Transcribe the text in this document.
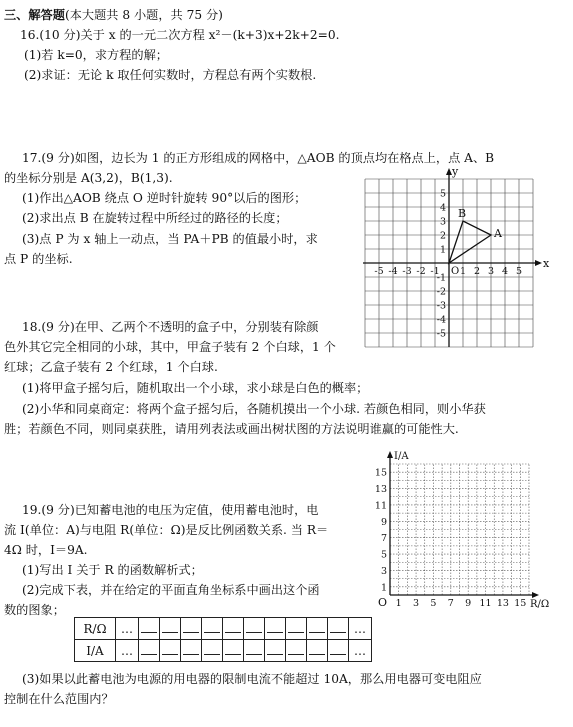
三、解答题(本大题共 8 小题，共 75 分)
16.(10 分)关于 x 的一元二次方程 x²－(k+3)x+2k+2=0.
(1)若 k=0，求方程的解；
(2)求证：无论 k 取任何实数时，方程总有两个实数根.
17.(9 分)如图，边长为 1 的正方形组成的网格中，△AOB 的顶点均在格点上，点 A、B
的坐标分别是 A(3,2)，B(1,3).
(1)作出△AOB 绕点 O 逆时针旋转 90°以后的图形；
(2)求出点 B 在旋转过程中所经过的路径的长度；
(3)点 P 为 x 轴上一动点，当 PA＋PB 的值最小时，求
点 P 的坐标.
-5 -4 -3 -2 -1 1 2 3 4 5
5
4
3
2
1
-1
-2
-3
-4
-5
x
y
O
A
B
18.(9 分)在甲、乙两个不透明的盒子中，分别装有除颜
色外其它完全相同的小球，其中，甲盒子装有 2 个白球，1 个
红球；乙盒子装有 2 个红球，1 个白球.
(1)将甲盒子摇匀后，随机取出一个小球，求小球是白色的概率；
(2)小华和同桌商定：将两个盒子摇匀后，各随机摸出一个小球. 若颜色相同，则小华获
胜；若颜色不同，则同桌获胜，请用列表法或画出树状图的方法说明谁赢的可能性大.
19.(9 分)已知蓄电池的电压为定值，使用蓄电池时，电
流 I(单位：A)与电阻 R(单位：Ω)是反比例函数关系. 当 R＝
4Ω 时，I＝9A.
(1)写出 I 关于 R 的函数解析式；
(2)完成下表，并在给定的平面直角坐标系中画出这个函
数的图象；
R/Ω	…											…
I/A	…											…
(3)如果以此蓄电池为电源的用电器的限制电流不能超过 10A，那么用电器可变电阻应
控制在什么范围内？
1 3 5 7 9 11 13 15
15
13
11
9
7
5
3
1
I/A
R/Ω
O
